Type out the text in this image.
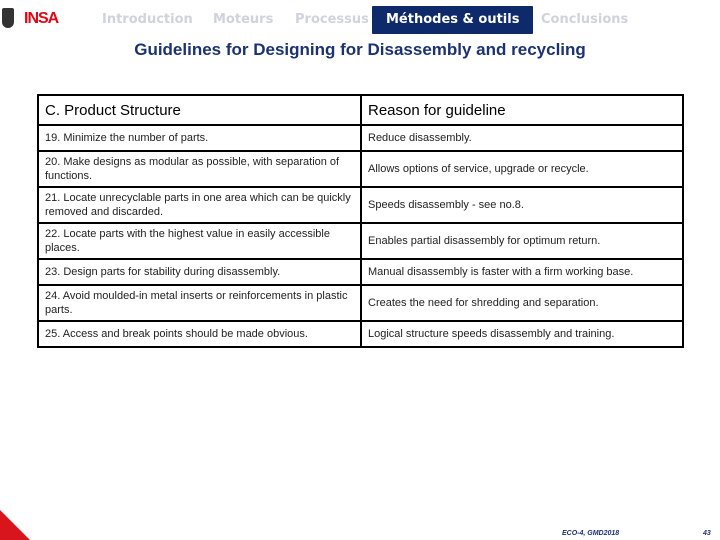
INSA	Introduction Moteurs Processus	Méthodes & outils	Conclusions
Guidelines for Designing for Disassembly and recycling
C. Product Structure	Reason for guideline
19. Minimize the number of parts.	Reduce disassembly.
20. Make designs as modular as possible, with separation of functions.	Allows options of service, upgrade or recycle.
21. Locate unrecyclable parts in one area which can be quickly removed and discarded.	Speeds disassembly - see no.8.
22. Locate parts with the highest value in easily accessible places.	Enables partial disassembly for optimum return.
23. Design parts for stability during disassembly.	Manual disassembly is faster with a firm working base.
24. Avoid moulded-in metal inserts or reinforcements in plastic parts.	Creates the need for shredding and separation.
25. Access and break points should be made obvious.	Logical structure speeds disassembly and training.
ECO-4, GMD2018	43
